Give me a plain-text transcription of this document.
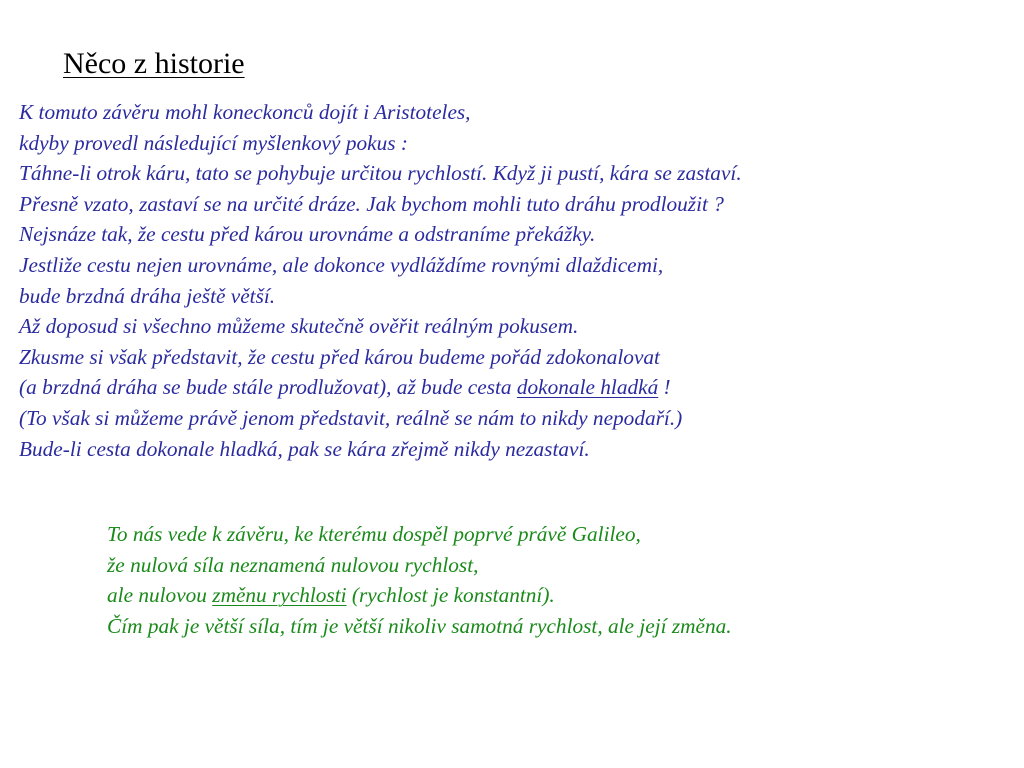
Něco z historie
K tomuto závěru mohl koneckonců dojít i Aristoteles,
kdyby provedl následující myšlenkový pokus :
Táhne-li otrok káru, tato se pohybuje určitou rychlostí. Když ji pustí, kára se zastaví.
Přesně vzato, zastaví se na určité dráze. Jak bychom mohli tuto dráhu prodloužit ?
Nejsnáze tak, že cestu před károu urovnáme a odstraníme překážky.
Jestliže cestu nejen urovnáme, ale dokonce vydláždíme rovnými dlaždicemi,
bude brzdná dráha ještě větší.
Až doposud si všechno můžeme skutečně ověřit reálným pokusem.
Zkusme si však představit, že cestu před károu budeme pořád zdokonalovat
(a brzdná dráha se bude stále prodlužovat), až bude cesta dokonale hladká !
(To však si můžeme právě jenom představit, reálně se nám to nikdy nepodaří.)
Bude-li cesta dokonale hladká, pak se kára zřejmě nikdy nezastaví.
To nás vede k závěru, ke kterému dospěl poprvé právě Galileo,
že nulová síla neznamená nulovou rychlost,
ale nulovou změnu rychlosti (rychlost je konstantní).
Čím pak je větší síla, tím je větší nikoliv samotná rychlost, ale její změna.
